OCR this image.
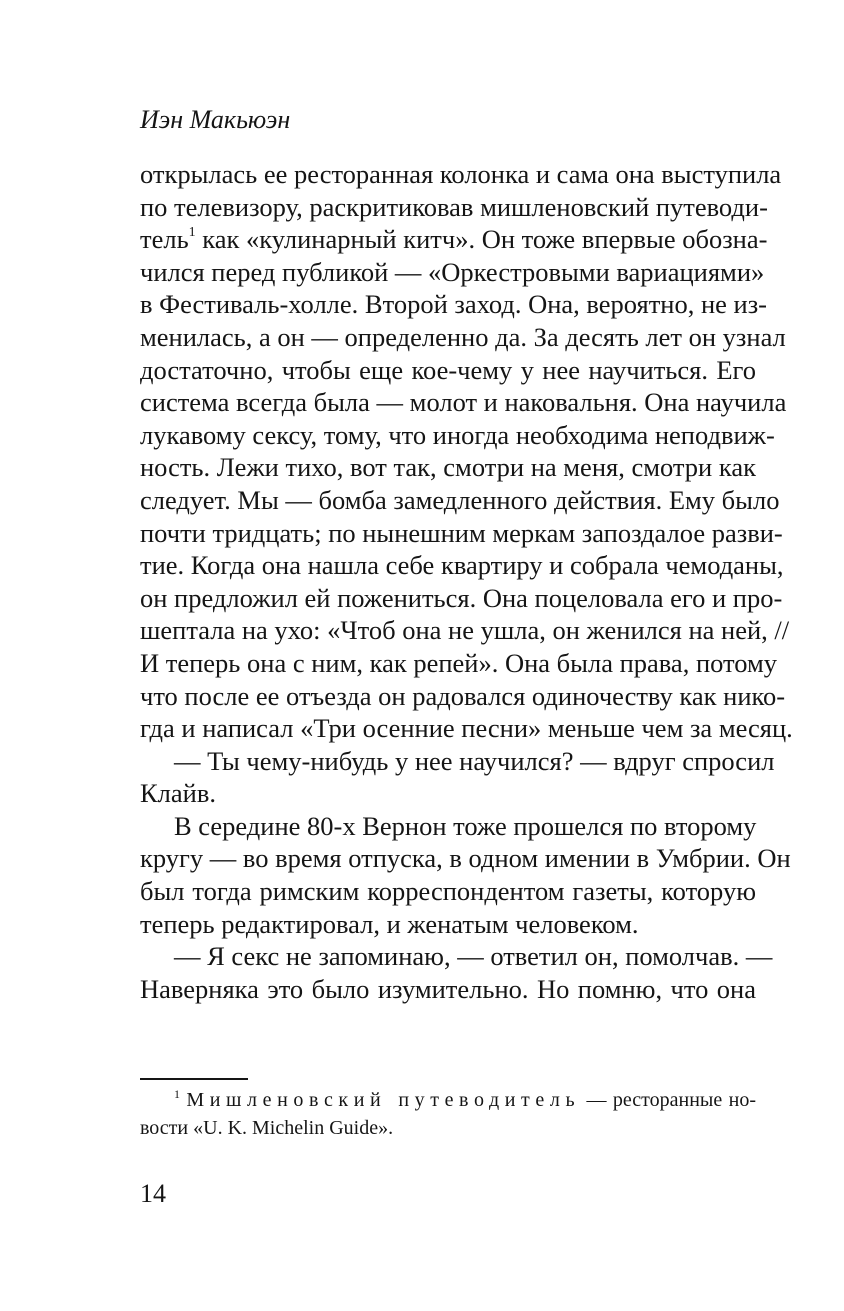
Иэн Макьюэн
открылась ее ресторанная колонка и сама она выступила
по телевизору, раскритиковав мишленовский путеводи-
тель$^1$ как «кулинарный китч». Он тоже впервые обозна-
чился перед публикой — «Оркестровыми вариациями»
в Фестиваль-холле. Второй заход. Она, вероятно, не из-
менилась, а он — определенно да. За десять лет он узнал
достаточно, чтобы еще кое-чему у нее научиться. Его
система всегда была — молот и наковальня. Она научила
лукавому сексу, тому, что иногда необходима неподвиж-
ность. Лежи тихо, вот так, смотри на меня, смотри как
следует. Мы — бомба замедленного действия. Ему было
почти тридцать; по нынешним меркам запоздалое разви-
тие. Когда она нашла себе квартиру и собрала чемоданы,
он предложил ей пожениться. Она поцеловала его и про-
шептала на ухо: «Чтоб она не ушла, он женился на ней, //
И теперь она с ним, как репей». Она была права, потому
что после ее отъезда он радовался одиночеству как нико-
гда и написал «Три осенние песни» меньше чем за месяц.
— Ты чему-нибудь у нее научился? — вдруг спросил
Клайв.
В середине 80-х Вернон тоже прошелся по второму
кругу — во время отпуска, в одном имении в Умбрии. Он
был тогда римским корреспондентом газеты, которую
теперь редактировал, и женатым человеком.
— Я секс не запоминаю, — ответил он, помолчав. —
Наверняка это было изумительно. Но помню, что она
$^1$ Мишленовский путеводитель — ресторанные но-
вости «U. K. Michelin Guide».
14
